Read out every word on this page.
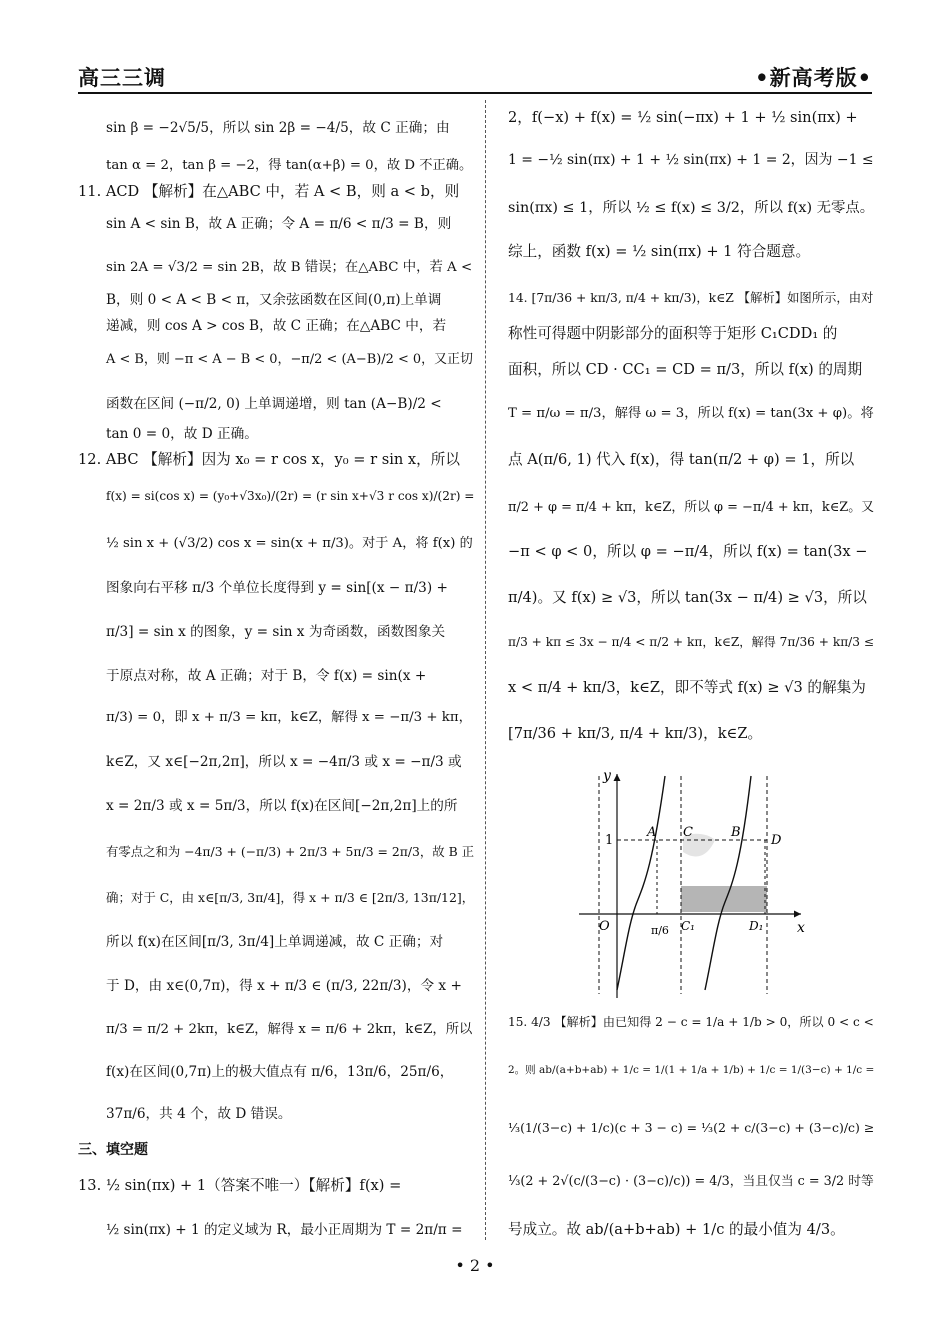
高三三调	•新高考版•
sin β = −2√5/5，所以 sin 2β = −4/5，故 C 正确；由
tan α = 2，tan β = −2，得 tan(α+β) = 0，故 D 不正确。
11. ACD 【解析】在△ABC 中，若 A < B，则 a < b，则
sin A < sin B，故 A 正确；令 A = π/6 < π/3 = B，则
sin 2A = √3/2 = sin 2B，故 B 错误；在△ABC 中，若 A <
B，则 0 < A < B < π，又余弦函数在区间(0,π)上单调
递减，则 cos A > cos B，故 C 正确；在△ABC 中，若
A < B，则 −π < A − B < 0，−π/2 < (A−B)/2 < 0，又正切
函数在区间 (−π/2, 0) 上单调递增，则 tan (A−B)/2 <
tan 0 = 0，故 D 正确。
12. ABC 【解析】因为 x₀ = r cos x，y₀ = r sin x，所以
f(x) = si(cos x) = (y₀+√3x₀)/(2r) = (r sin x+√3 r cos x)/(2r) =
½ sin x + (√3/2) cos x = sin(x + π/3)。对于 A，将 f(x) 的
图象向右平移 π/3 个单位长度得到 y = sin[(x − π/3) +
π/3] = sin x 的图象，y = sin x 为奇函数，函数图象关
于原点对称，故 A 正确；对于 B，令 f(x) = sin(x +
π/3) = 0，即 x + π/3 = kπ，k∈Z，解得 x = −π/3 + kπ，
k∈Z，又 x∈[−2π,2π]，所以 x = −4π/3 或 x = −π/3 或
x = 2π/3 或 x = 5π/3，所以 f(x)在区间[−2π,2π]上的所
有零点之和为 −4π/3 + (−π/3) + 2π/3 + 5π/3 = 2π/3，故 B 正
确；对于 C，由 x∈[π/3, 3π/4]，得 x + π/3 ∈ [2π/3, 13π/12]，
所以 f(x)在区间[π/3, 3π/4]上单调递减，故 C 正确；对
于 D，由 x∈(0,7π)，得 x + π/3 ∈ (π/3, 22π/3)，令 x +
π/3 = π/2 + 2kπ，k∈Z，解得 x = π/6 + 2kπ，k∈Z，所以
f(x)在区间(0,7π)上的极大值点有 π/6，13π/6，25π/6，
37π/6，共 4 个，故 D 错误。
三、填空题
13. ½ sin(πx) + 1（答案不唯一）【解析】f(x) =
½ sin(πx) + 1 的定义域为 R，最小正周期为 T = 2π/π =
2，f(−x) + f(x) = ½ sin(−πx) + 1 + ½ sin(πx) +
1 = −½ sin(πx) + 1 + ½ sin(πx) + 1 = 2，因为 −1 ≤
sin(πx) ≤ 1，所以 ½ ≤ f(x) ≤ 3/2，所以 f(x) 无零点。
综上，函数 f(x) = ½ sin(πx) + 1 符合题意。
14. [7π/36 + kπ/3, π/4 + kπ/3)，k∈Z 【解析】如图所示，由对
称性可得题中阴影部分的面积等于矩形 C₁CDD₁ 的
面积，所以 CD · CC₁ = CD = π/3，所以 f(x) 的周期
T = π/ω = π/3，解得 ω = 3，所以 f(x) = tan(3x + φ)。将
点 A(π/6, 1) 代入 f(x)，得 tan(π/2 + φ) = 1，所以
π/2 + φ = π/4 + kπ，k∈Z，所以 φ = −π/4 + kπ，k∈Z。又
−π < φ < 0，所以 φ = −π/4，所以 f(x) = tan(3x −
π/4)。又 f(x) ≥ √3，所以 tan(3x − π/4) ≥ √3，所以
π/3 + kπ ≤ 3x − π/4 < π/2 + kπ，k∈Z，解得 7π/36 + kπ/3 ≤
x < π/4 + kπ/3，k∈Z，即不等式 f(x) ≥ √3 的解集为
[7π/36 + kπ/3, π/4 + kπ/3)，k∈Z。
15. 4/3 【解析】由已知得 2 − c = 1/a + 1/b > 0，所以 0 < c <
2。则 ab/(a+b+ab) + 1/c = 1/(1 + 1/a + 1/b) + 1/c = 1/(3−c) + 1/c =
⅓(1/(3−c) + 1/c)(c + 3 − c) = ⅓(2 + c/(3−c) + (3−c)/c) ≥
⅓(2 + 2√(c/(3−c) · (3−c)/c)) = 4/3，当且仅当 c = 3/2 时等
号成立。故 ab/(a+b+ab) + 1/c 的最小值为 4/3。
y
x
O
1
π/6
A C	B
D
C₁	D₁
• 2 •
